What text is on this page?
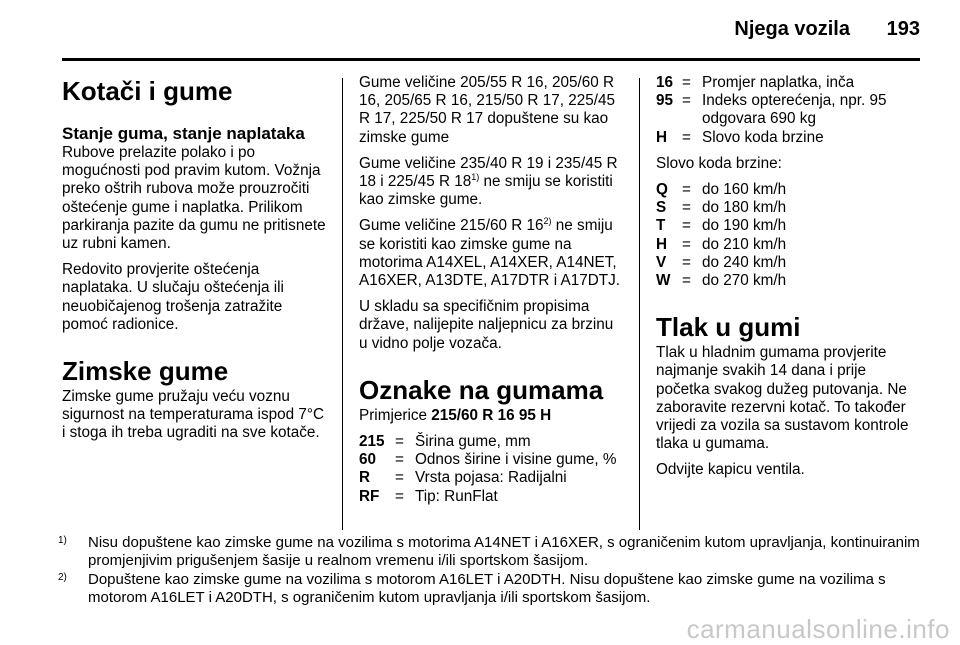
Njega vozila 193
Kotači i gume
Stanje guma, stanje naplataka

Rubove prelazite polako i po mogućnosti pod pravim kutom. Vožnja preko oštrih rubova može prouzročiti oštećenje gume i naplatka. Prilikom parkiranja pazite da gumu ne pritisnete uz rubni kamen.

Redovito provjerite oštećenja naplataka. U slučaju oštećenja ili neuobičajenog trošenja zatražite pomoć radionice.

Zimske gume

Zimske gume pružaju veću voznu sigurnost na temperaturama ispod 7°C i stoga ih treba ugraditi na sve kotače.

Gume veličine 205/55 R 16, 205/60 R 16, 205/65 R 16, 215/50 R 17, 225/45 R 17, 225/50 R 17 dopuštene su kao zimske gume

Gume veličine 235/40 R 19 i 235/45 R 18 i 225/45 R 18$^{1)}$ ne smiju se koristiti kao zimske gume.

Gume veličine 215/60 R 16$^{2)}$ ne smiju se koristiti kao zimske gume na motorima A14XEL, A14XER, A14NET, A16XER, A13DTE, A17DTR i A17DTJ.

U skladu sa specifičnim propisima države, nalijepite naljepnicu za brzinu u vidno polje vozača.

Oznake na gumama

Primjerice 215/60 R 16 95 H

215 = Širina gume, mm
60	= Odnos širine i visine gume, %
R	= Vrsta pojasa: Radijalni
RF	= Tip: RunFlat
16 = Promjer naplatka, inča
95 = Indeks opterećenja, npr. 95 odgovara 690 kg
H = Slovo koda brzine

Slovo koda brzine:

Q = do 160 km/h
S	= do 180 km/h
T	= do 190 km/h
H = do 210 km/h
V	= do 240 km/h
W = do 270 km/h
Tlak u gumi

Tlak u hladnim gumama provjerite najmanje svakih 14 dana i prije početka svakog dužeg putovanja. Ne zaboravite rezervni kotač. To također vrijedi za vozila sa sustavom kontrole tlaka u gumama.

Odvijte kapicu ventila.

1)	Nisu dopuštene kao zimske gume na vozilima s motorima A14NET i A16XER, s ograničenim kutom upravljanja, kontinuiranim promjenjivim prigušenjem šasije u realnom vremenu i/ili sportskom šasijom.
2)	Dopuštene kao zimske gume na vozilima s motorom A16LET i A20DTH. Nisu dopuštene kao zimske gume na vozilima s motorom A16LET i A20DTH, s ograničenim kutom upravljanja i/ili sportskom šasijom.
carmanualsonline.info
